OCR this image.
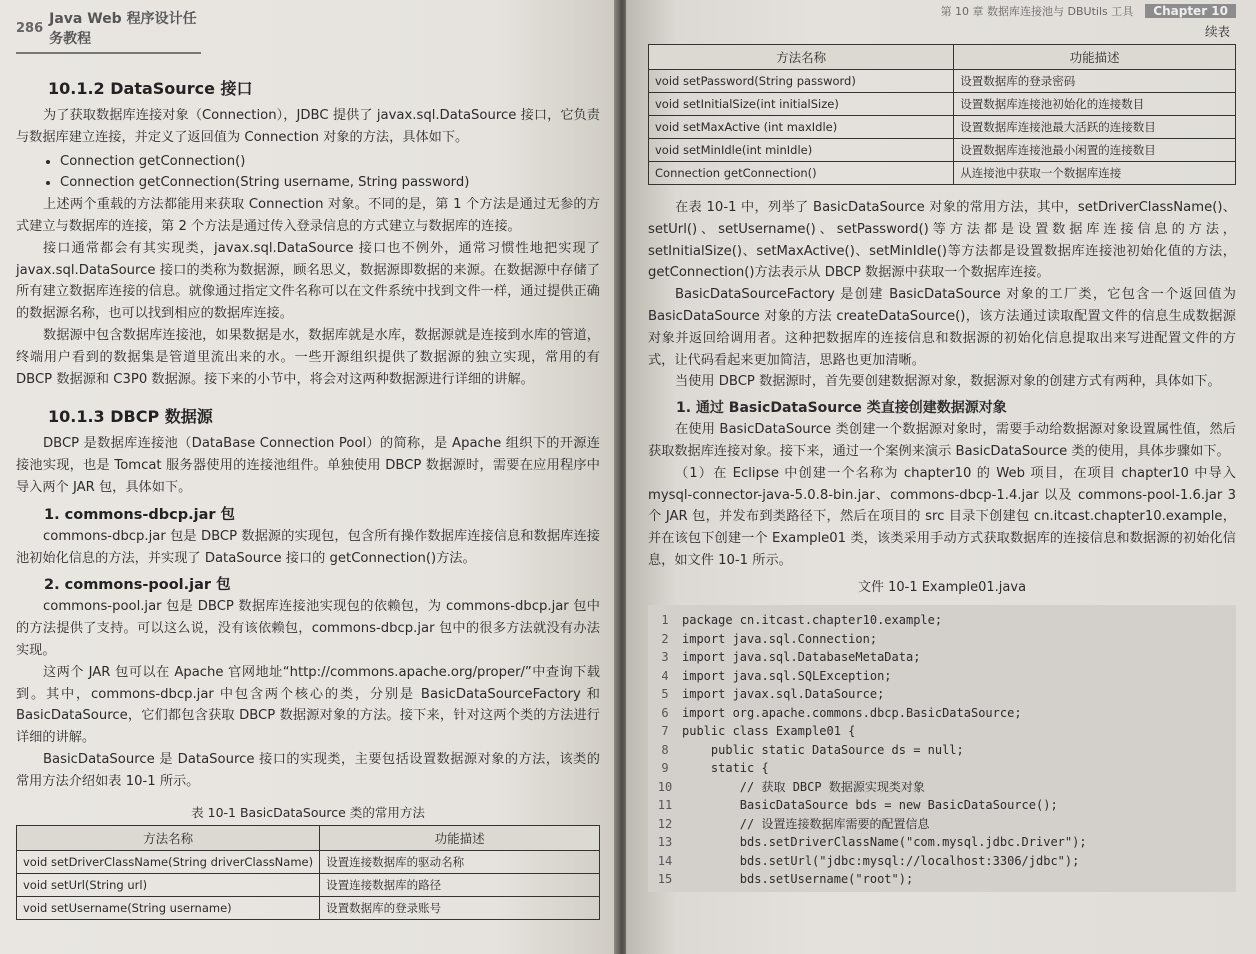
286
Java Web 程序设计任务教程
10.1.2 DataSource 接口

为了获取数据库连接对象（Connection），JDBC 提供了 javax.sql.DataSource 接口，它负责与数据库建立连接，并定义了返回值为 Connection 对象的方法，具体如下。

• Connection getConnection()
• Connection getConnection(String username, String password)

上述两个重载的方法都能用来获取 Connection 对象。不同的是，第 1 个方法是通过无参的方式建立与数据库的连接，第 2 个方法是通过传入登录信息的方式建立与数据库的连接。

接口通常都会有其实现类，javax.sql.DataSource 接口也不例外，通常习惯性地把实现了 javax.sql.DataSource 接口的类称为数据源，顾名思义，数据源即数据的来源。在数据源中存储了所有建立数据库连接的信息。就像通过指定文件名称可以在文件系统中找到文件一样，通过提供正确的数据源名称，也可以找到相应的数据库连接。

数据源中包含数据库连接池，如果数据是水，数据库就是水库，数据源就是连接到水库的管道，终端用户看到的数据集是管道里流出来的水。一些开源组织提供了数据源的独立实现，常用的有 DBCP 数据源和 C3P0 数据源。接下来的小节中，将会对这两种数据源进行详细的讲解。

10.1.3 DBCP 数据源

DBCP 是数据库连接池（DataBase Connection Pool）的简称，是 Apache 组织下的开源连接池实现，也是 Tomcat 服务器使用的连接池组件。单独使用 DBCP 数据源时，需要在应用程序中导入两个 JAR 包，具体如下。

1. commons-dbcp.jar 包

commons-dbcp.jar 包是 DBCP 数据源的实现包，包含所有操作数据库连接信息和数据库连接池初始化信息的方法，并实现了 DataSource 接口的 getConnection()方法。

2. commons-pool.jar 包

commons-pool.jar 包是 DBCP 数据库连接池实现包的依赖包，为 commons-dbcp.jar 包中的方法提供了支持。可以这么说，没有该依赖包，commons-dbcp.jar 包中的很多方法就没有办法实现。

这两个 JAR 包可以在 Apache 官网地址“http://commons.apache.org/proper/”中查询下载到。其中，commons-dbcp.jar 中包含两个核心的类，分别是 BasicDataSourceFactory 和 BasicDataSource，它们都包含获取 DBCP 数据源对象的方法。接下来，针对这两个类的方法进行详细的讲解。

BasicDataSource 是 DataSource 接口的实现类，主要包括设置数据源对象的方法，该类的常用方法介绍如表 10-1 所示。

表 10-1 BasicDataSource 类的常用方法
方法名称	功能描述
void setDriverClassName(String driverClassName)	设置连接数据库的驱动名称
void setUrl(String url)	设置连接数据库的路径
void setUsername(String username)	设置数据库的登录账号
第 10 章 数据库连接池与 DBUtils 工具	Chapter 10
续表
方法名称	功能描述
void setPassword(String password)	设置数据库的登录密码
void setInitialSize(int initialSize)	设置数据库连接池初始化的连接数目
void setMaxActive (int maxIdle)	设置数据库连接池最大活跃的连接数目
void setMinIdle(int minIdle)	设置数据库连接池最小闲置的连接数目
Connection getConnection()	从连接池中获取一个数据库连接

在表 10-1 中，列举了 BasicDataSource 对象的常用方法，其中，setDriverClassName()、setUrl()、setUsername()、setPassword()等方法都是设置数据库连接信息的方法，setInitialSize()、setMaxActive()、setMinIdle()等方法都是设置数据库连接池初始化值的方法，getConnection()方法表示从 DBCP 数据源中获取一个数据库连接。

BasicDataSourceFactory 是创建 BasicDataSource 对象的工厂类，它包含一个返回值为 BasicDataSource 对象的方法 createDataSource()，该方法通过读取配置文件的信息生成数据源对象并返回给调用者。这种把数据库的连接信息和数据源的初始化信息提取出来写进配置文件的方式，让代码看起来更加简洁，思路也更加清晰。

当使用 DBCP 数据源时，首先要创建数据源对象，数据源对象的创建方式有两种，具体如下。

1. 通过 BasicDataSource 类直接创建数据源对象

在使用 BasicDataSource 类创建一个数据源对象时，需要手动给数据源对象设置属性值，然后获取数据库连接对象。接下来，通过一个案例来演示 BasicDataSource 类的使用，具体步骤如下。

（1）在 Eclipse 中创建一个名称为 chapter10 的 Web 项目，在项目 chapter10 中导入 mysql-connector-java-5.0.8-bin.jar、commons-dbcp-1.4.jar 以及 commons-pool-1.6.jar 3 个 JAR 包，并发布到类路径下，然后在项目的 src 目录下创建包 cn.itcast.chapter10.example，并在该包下创建一个 Example01 类，该类采用手动方式获取数据库的连接信息和数据源的初始化信息，如文件 10-1 所示。

文件 10-1 Example01.java
1	package cn.itcast.chapter10.example;
2	import java.sql.Connection;
3	import java.sql.DatabaseMetaData;
4	import java.sql.SQLException;
5	import javax.sql.DataSource;
6	import org.apache.commons.dbcp.BasicDataSource;
7	public class Example01 {
8	public static DataSource ds = null;
9	static {
10 // 获取 DBCP 数据源实现类对象
11 BasicDataSource bds = new BasicDataSource();
12 // 设置连接数据库需要的配置信息
13 bds.setDriverClassName("com.mysql.jdbc.Driver");
14 bds.setUrl("jdbc:mysql://localhost:3306/jdbc");
15 bds.setUsername("root");
